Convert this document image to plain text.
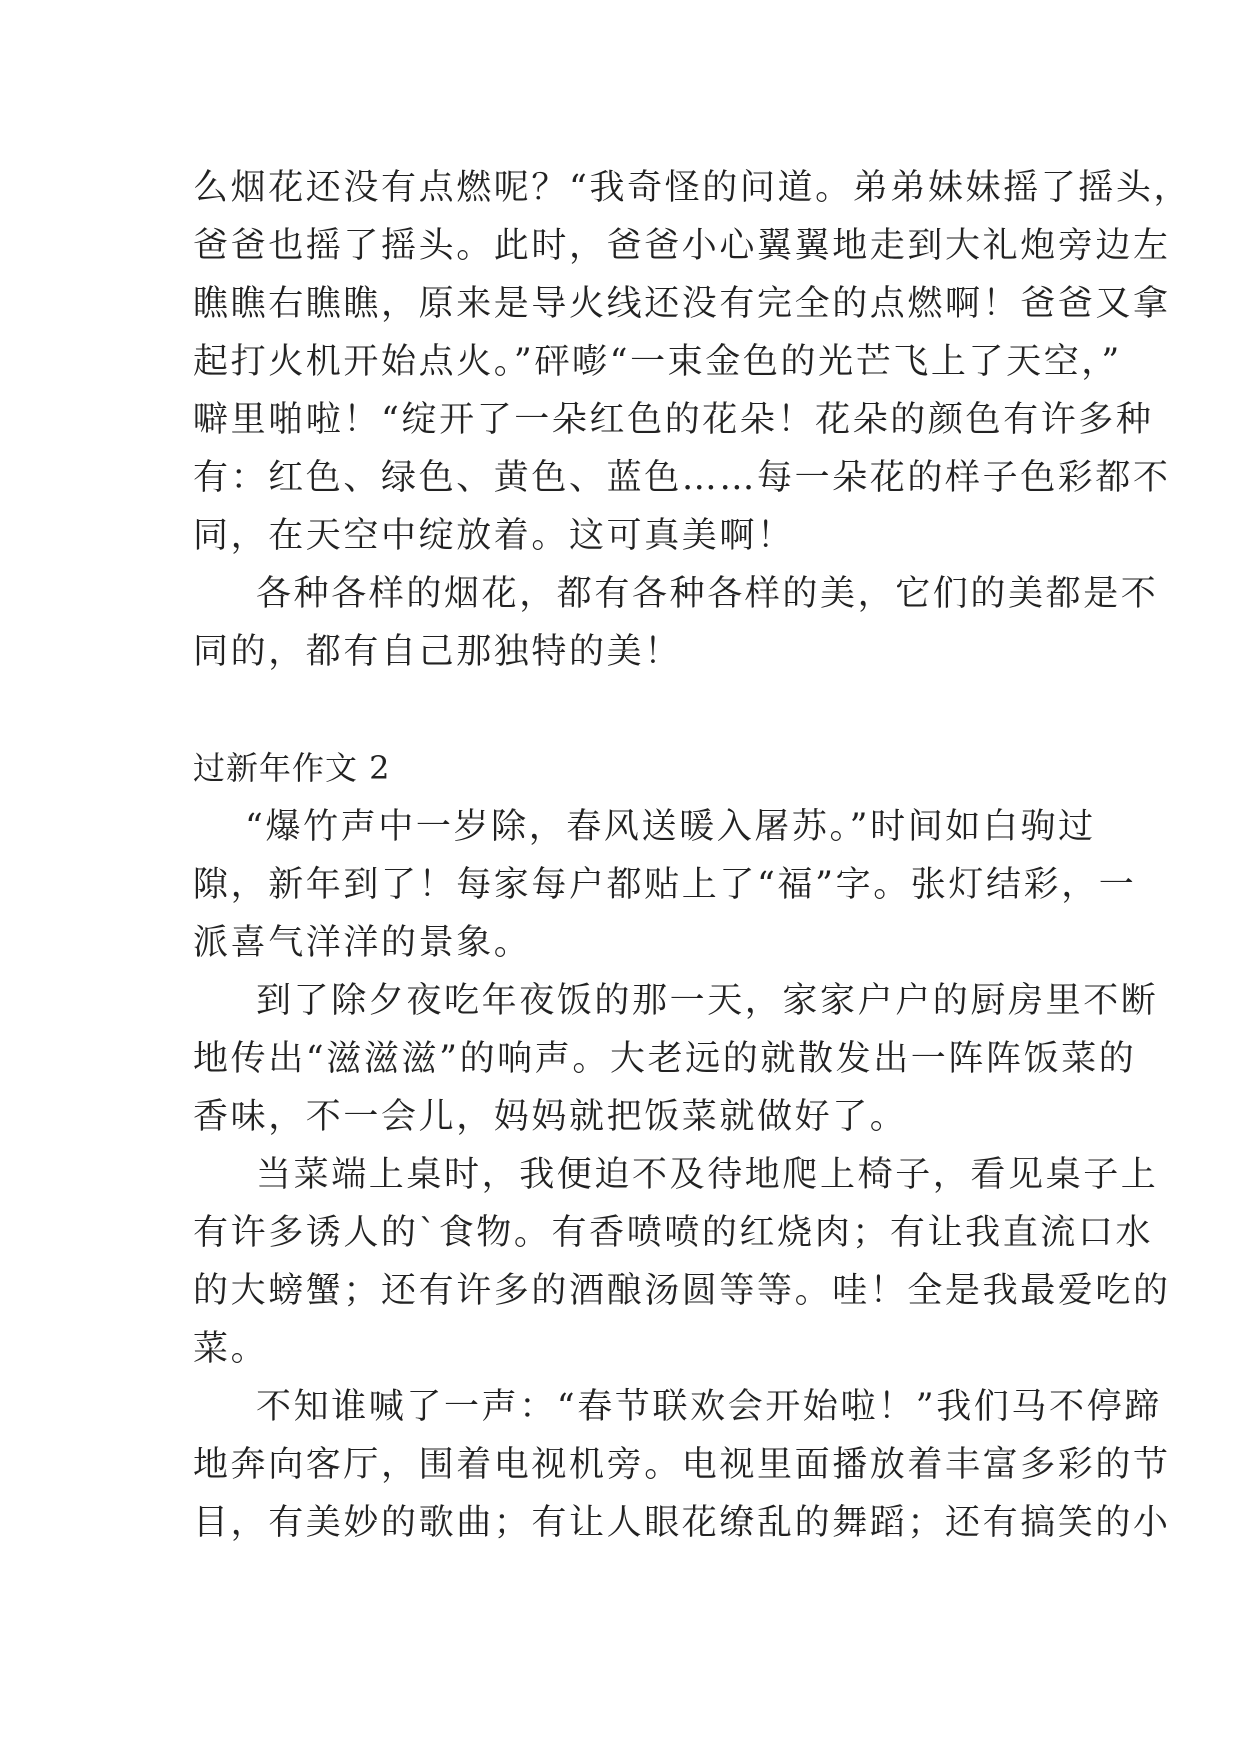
么烟花还没有点燃呢？“我奇怪的问道。弟弟妹妹摇了摇头，
爸爸也摇了摇头。此时，爸爸小心翼翼地走到大礼炮旁边左
瞧瞧右瞧瞧，原来是导火线还没有完全的点燃啊！爸爸又拿
起打火机开始点火。”砰嘭“一束金色的光芒飞上了天空，”
噼里啪啦！“绽开了一朵红色的花朵！花朵的颜色有许多种
有：红色、绿色、黄色、蓝色……每一朵花的样子色彩都不
同，在天空中绽放着。这可真美啊！
各种各样的烟花，都有各种各样的美，它们的美都是不
同的，都有自己那独特的美！
过新年作文 2
“爆竹声中一岁除，春风送暖入屠苏。”时间如白驹过
隙，新年到了！每家每户都贴上了“福”字。张灯结彩，一
派喜气洋洋的景象。
到了除夕夜吃年夜饭的那一天，家家户户的厨房里不断
地传出“滋滋滋”的响声。大老远的就散发出一阵阵饭菜的
香味，不一会儿，妈妈就把饭菜就做好了。
当菜端上桌时，我便迫不及待地爬上椅子，看见桌子上
有许多诱人的`食物。有香喷喷的红烧肉；有让我直流口水
的大螃蟹；还有许多的酒酿汤圆等等。哇！全是我最爱吃的
菜。
不知谁喊了一声：“春节联欢会开始啦！”我们马不停蹄
地奔向客厅，围着电视机旁。电视里面播放着丰富多彩的节
目，有美妙的歌曲；有让人眼花缭乱的舞蹈；还有搞笑的小
